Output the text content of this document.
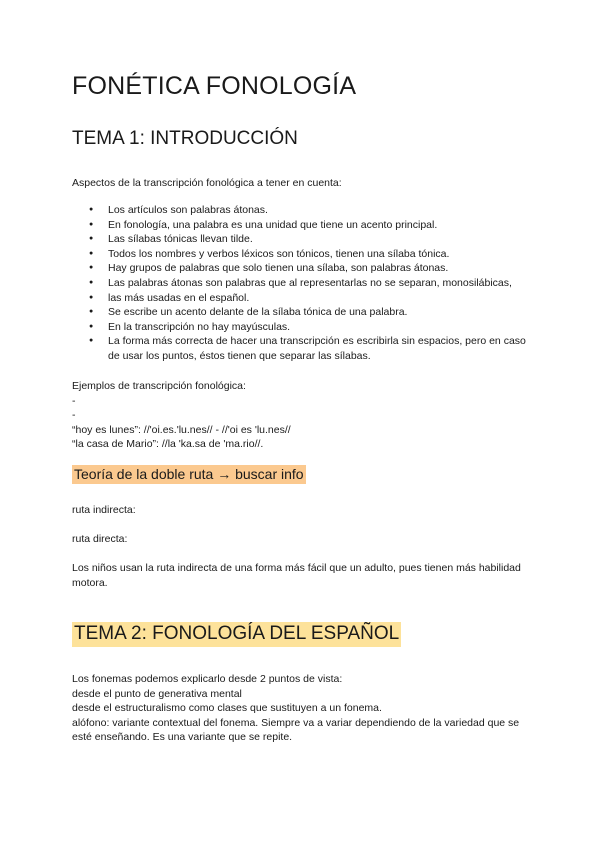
FONÉTICA FONOLOGÍA
TEMA 1: INTRODUCCIÓN
Aspectos de la transcripción fonológica a tener en cuenta:
● Los artículos son palabras átonas.
● En fonología, una palabra es una unidad que tiene un acento principal.
● Las sílabas tónicas llevan tilde.
● Todos los nombres y verbos léxicos son tónicos, tienen una sílaba tónica.
● Hay grupos de palabras que solo tienen una sílaba, son palabras átonas.
● Las palabras átonas son palabras que al representarlas no se separan, monosilábicas,
● las más usadas en el español.
● Se escribe un acento delante de la sílaba tónica de una palabra.
● En la transcripción no hay mayúsculas.
● La forma más correcta de hacer una transcripción es escribirla sin espacios, pero en caso de usar los puntos, éstos tienen que separar las sílabas.
Ejemplos de transcripción fonológica:
-
-
“hoy es lunes”: //'oi.es.'lu.nes// - //'oi es 'lu.nes//
“la casa de Mario”: //la 'ka.sa de 'ma.rio//.
Teoría de la doble ruta → buscar info
ruta indirecta:
ruta directa:
Los niños usan la ruta indirecta de una forma más fácil que un adulto, pues tienen más habilidad motora.
TEMA 2: FONOLOGÍA DEL ESPAÑOL
Los fonemas podemos explicarlo desde 2 puntos de vista:
desde el punto de generativa mental
desde el estructuralismo como clases que sustituyen a un fonema.
alófono: variante contextual del fonema. Siempre va a variar dependiendo de la variedad que se esté enseñando. Es una variante que se repite.
